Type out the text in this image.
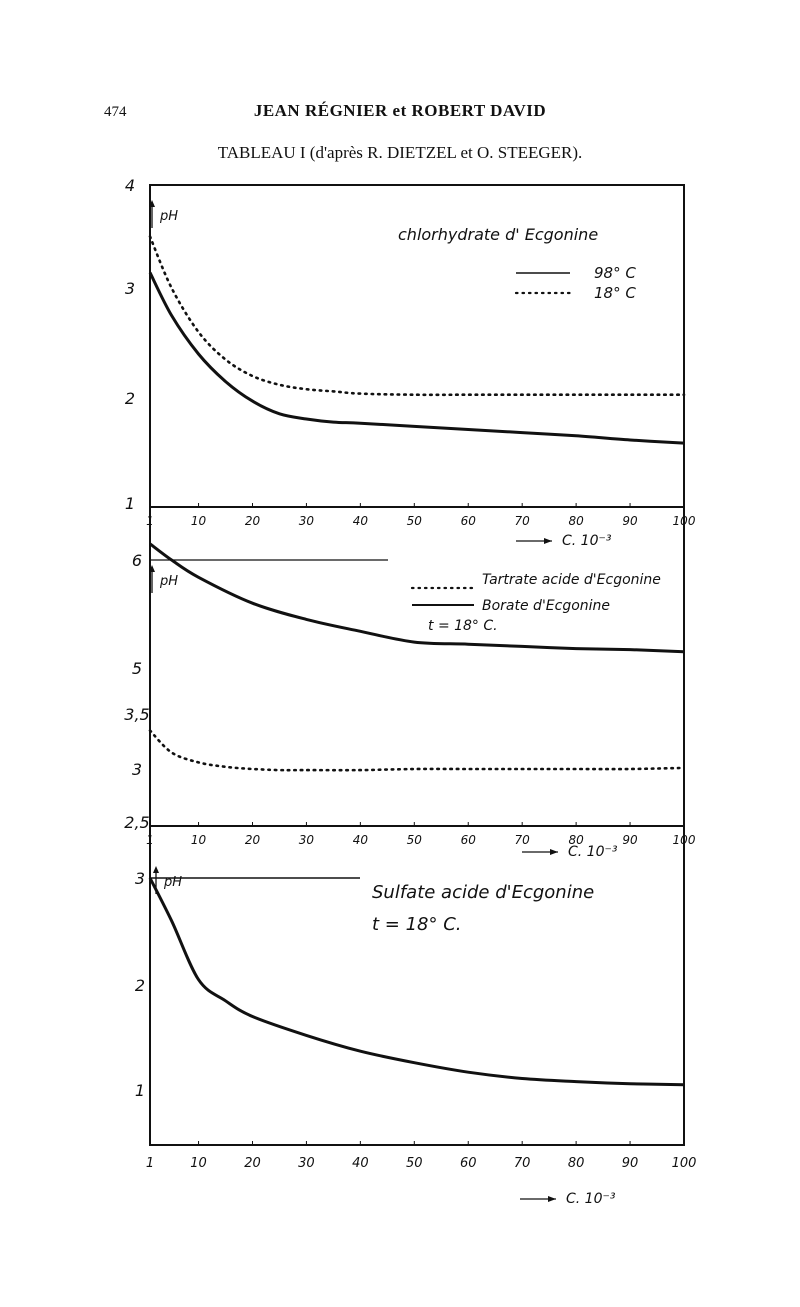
474	JEAN RÉGNIER et ROBERT DAVID
TABLEAU I (d'après R. DIETZEL et O. STEEGER).
4
3
2
1
1	10	20	30	40	50	60	70	80	90	100
C. 10⁻³
pH
6
5
3,5
3
2,5
1	10	20	30	40	50	60	70	80	90	100
C. 10⁻³
pH
3
2
1
1	10	20	30	40	50	60	70	80	90	100
C. 10⁻³
pH
chlorhydrate d' Ecgonine
98° C
18° C
Tartrate acide d'Ecgonine
Borate d'Ecgonine
t = 18° C.
Sulfate acide d'Ecgonine
t = 18° C.
